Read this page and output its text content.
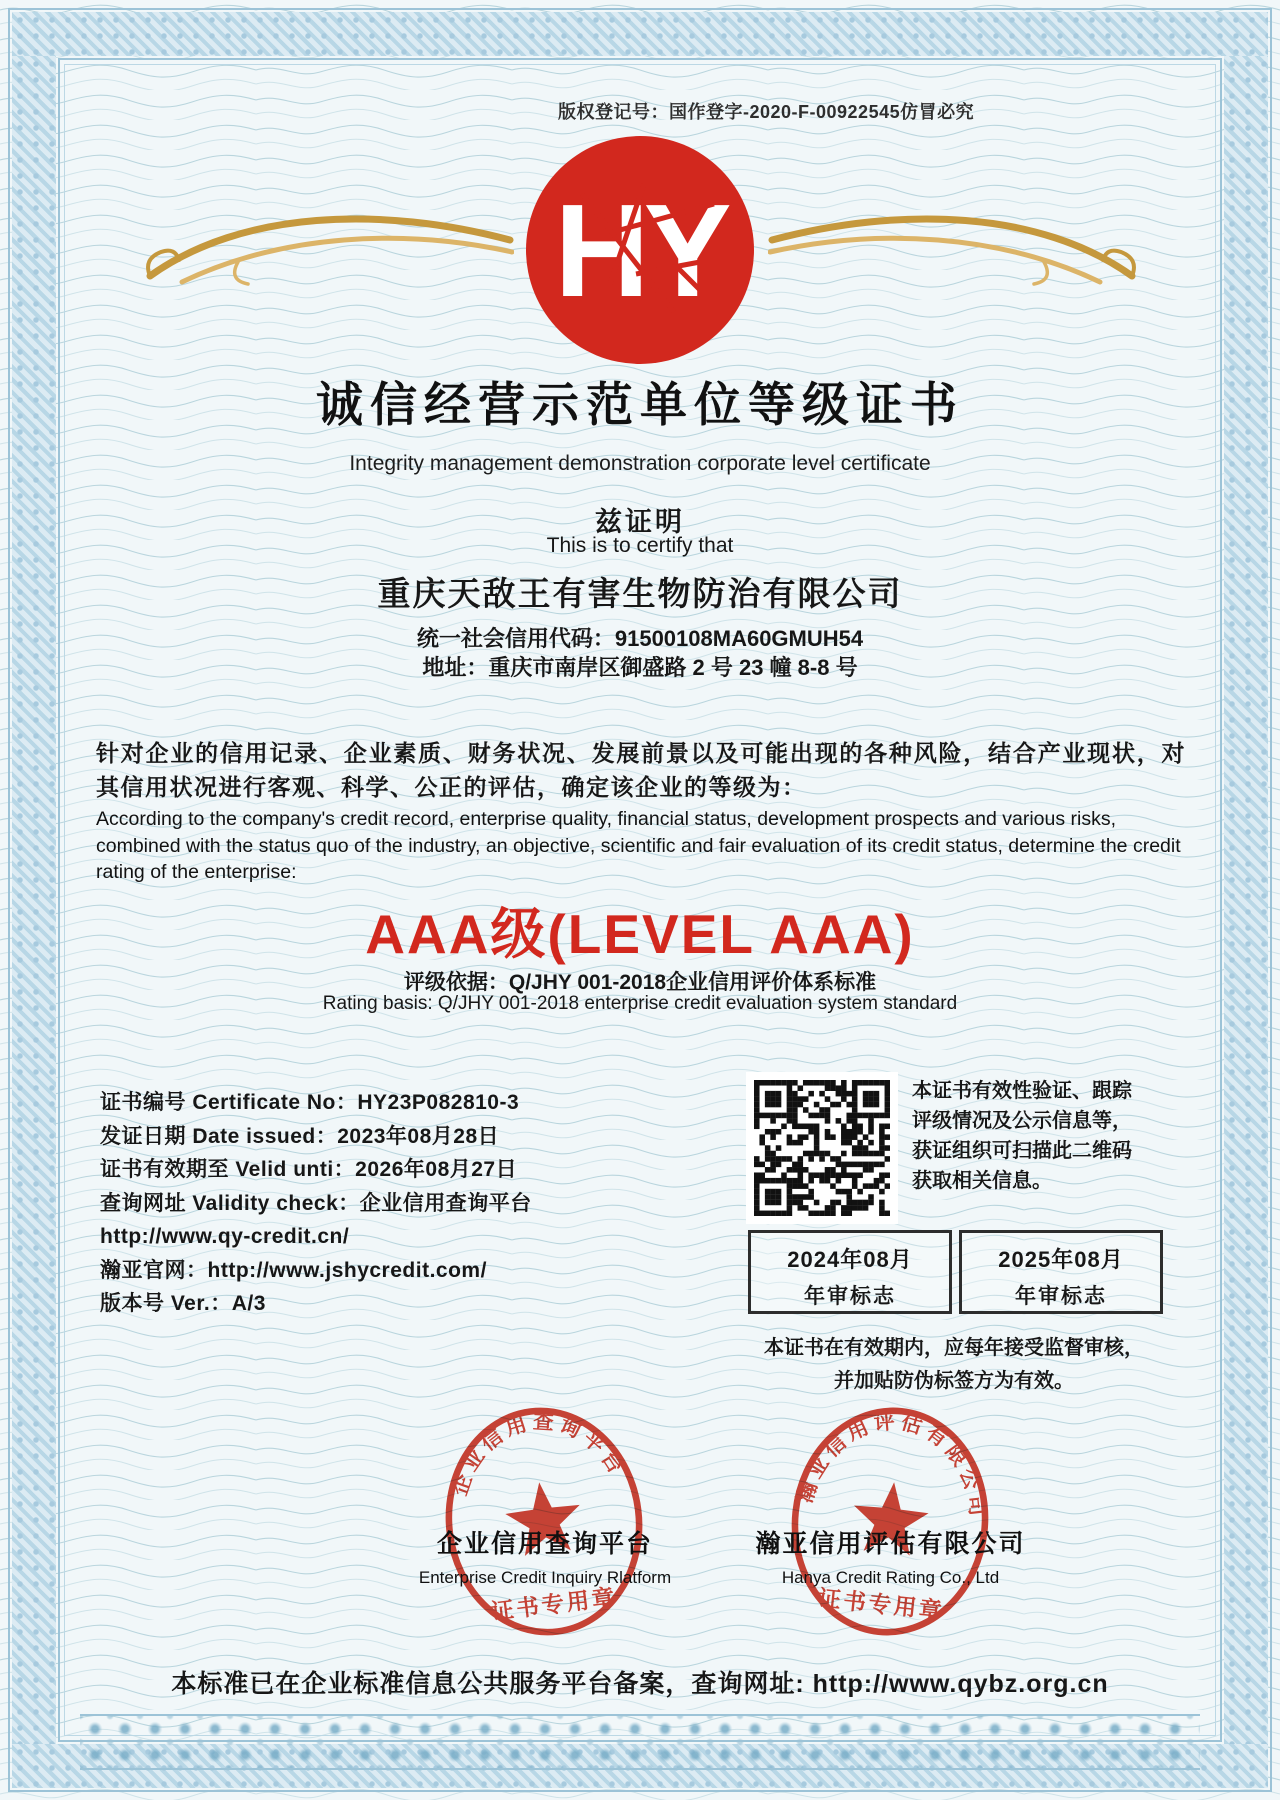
版权登记号：国作登字-2020-F-00922545仿冒必究
HY
诚信经营示范单位等级证书
Integrity management demonstration corporate level certificate
兹证明
This is to certify that
重庆天敌王有害生物防治有限公司
统一社会信用代码：91500108MA60GMUH54
地址：重庆市南岸区御盛路 2 号 23 幢 8-8 号
针对企业的信用记录、企业素质、财务状况、发展前景以及可能出现的各种风险，结合产业现状，对其信用状况进行客观、科学、公正的评估，确定该企业的等级为：
According to the company's credit record, enterprise quality, financial status, development prospects and various risks, combined with the status quo of the industry, an objective, scientific and fair evaluation of its credit status, determine the credit rating of the enterprise:
AAA级(LEVEL AAA)
评级依据：Q/JHY 001-2018企业信用评价体系标准
Rating basis: Q/JHY 001-2018 enterprise credit evaluation system standard
证书编号 Certificate No：HY23P082810-3
发证日期 Date issued：2023年08月28日
证书有效期至 Velid unti：2026年08月27日
查询网址 Validity check：企业信用查询平台
http://www.qy-credit.cn/
瀚亚官网：http://www.jshycredit.com/
版本号 Ver.：A/3
本证书有效性验证、跟踪评级情况及公示信息等，获证组织可扫描此二维码获取相关信息。
2024年08月
年审标志
2025年08月
年审标志
本证书在有效期内，应每年接受监督审核，
并加贴防伪标签方为有效。
企业信用查询平台
Enterprise Credit Inquiry Rlatform
瀚亚信用评估有限公司
Hanya Credit Rating Co., Ltd
企业信用查询平台
证书专用章
瀚亚信用评估有限公司
证书专用章
本标准已在企业标准信息公共服务平台备案，查询网址: http://www.qybz.org.cn
